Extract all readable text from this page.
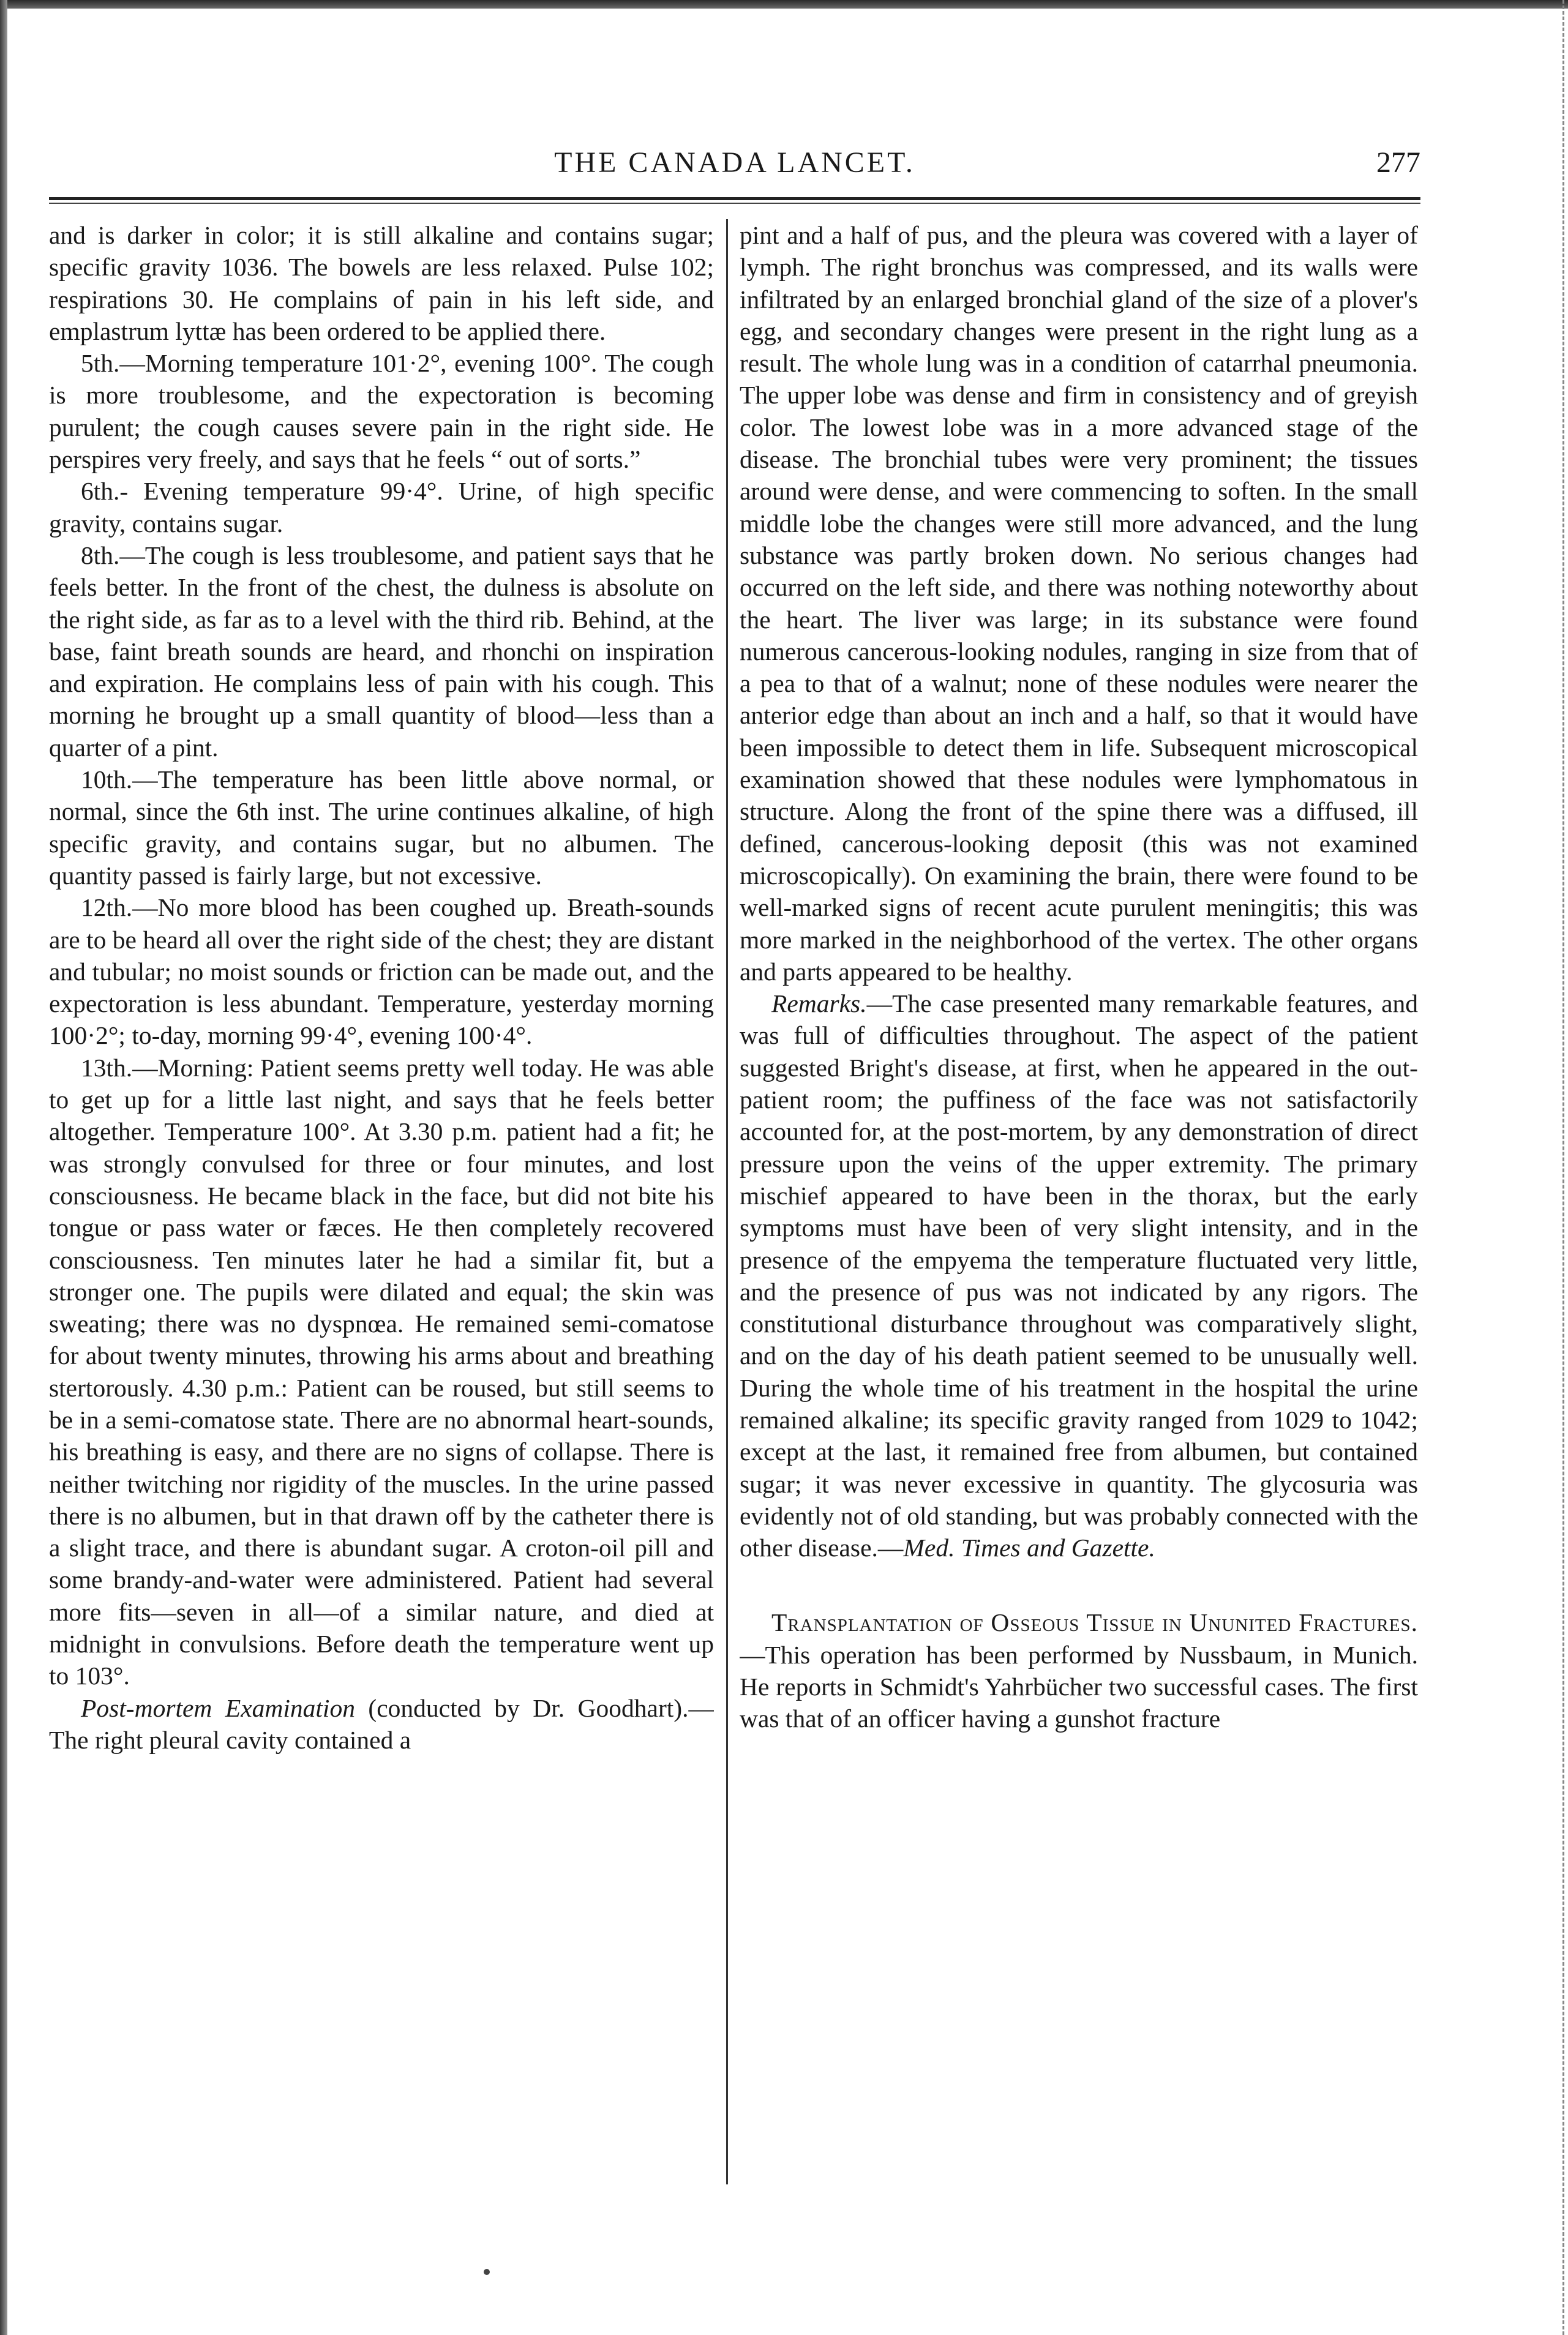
THE CANADA LANCET.	277

and is darker in color; it is still alkaline and contains sugar; specific gravity 1036. The bowels are less relaxed. Pulse 102; respirations 30. He complains of pain in his left side, and emplastrum lyttæ has been ordered to be applied there.

5th.—Morning temperature 101·2°, evening 100°. The cough is more troublesome, and the expectoration is becoming purulent; the cough causes severe pain in the right side. He perspires very freely, and says that he feels “ out of sorts.”

6th.- Evening temperature 99·4°. Urine, of high specific gravity, contains sugar.

8th.—The cough is less troublesome, and patient says that he feels better. In the front of the chest, the dulness is absolute on the right side, as far as to a level with the third rib. Behind, at the base, faint breath sounds are heard, and rhonchi on inspiration and expiration. He complains less of pain with his cough. This morning he brought up a small quantity of blood—less than a quarter of a pint.

10th.—The temperature has been little above normal, or normal, since the 6th inst. The urine continues alkaline, of high specific gravity, and contains sugar, but no albumen. The quantity passed is fairly large, but not excessive.

12th.—No more blood has been coughed up. Breath-sounds are to be heard all over the right side of the chest; they are distant and tubular; no moist sounds or friction can be made out, and the expectoration is less abundant. Temperature, yesterday morning 100·2°; to-day, morning 99·4°, evening 100·4°.

13th.—Morning: Patient seems pretty well today. He was able to get up for a little last night, and says that he feels better altogether. Temperature 100°. At 3.30 p.m. patient had a fit; he was strongly convulsed for three or four minutes, and lost consciousness. He became black in the face, but did not bite his tongue or pass water or fæces. He then completely recovered consciousness. Ten minutes later he had a similar fit, but a stronger one. The pupils were dilated and equal; the skin was sweating; there was no dyspnœa. He remained semi-comatose for about twenty minutes, throwing his arms about and breathing stertorously. 4.30 p.m.: Patient can be roused, but still seems to be in a semi-comatose state. There are no abnormal heart-sounds, his breathing is easy, and there are no signs of collapse. There is neither twitching nor rigidity of the muscles. In the urine passed there is no albumen, but in that drawn off by the catheter there is a slight trace, and there is abundant sugar. A croton-oil pill and some brandy-and-water were administered. Patient had several more fits—seven in all—of a similar nature, and died at midnight in convulsions. Before death the temperature went up to 103°.

Post-mortem Examination (conducted by Dr. Goodhart).—The right pleural cavity contained a

pint and a half of pus, and the pleura was covered with a layer of lymph. The right bronchus was compressed, and its walls were infiltrated by an enlarged bronchial gland of the size of a plover's egg, and secondary changes were present in the right lung as a result. The whole lung was in a condition of catarrhal pneumonia. The upper lobe was dense and firm in consistency and of greyish color. The lowest lobe was in a more advanced stage of the disease. The bronchial tubes were very prominent; the tissues around were dense, and were commencing to soften. In the small middle lobe the changes were still more advanced, and the lung substance was partly broken down. No serious changes had occurred on the left side, and there was nothing noteworthy about the heart. The liver was large; in its substance were found numerous cancerous-looking nodules, ranging in size from that of a pea to that of a walnut; none of these nodules were nearer the anterior edge than about an inch and a half, so that it would have been impossible to detect them in life. Subsequent microscopical examination showed that these nodules were lymphomatous in structure. Along the front of the spine there was a diffused, ill defined, cancerous-looking deposit (this was not examined microscopically). On examining the brain, there were found to be well-marked signs of recent acute purulent meningitis; this was more marked in the neighborhood of the vertex. The other organs and parts appeared to be healthy.

Remarks.—The case presented many remarkable features, and was full of difficulties throughout. The aspect of the patient suggested Bright's disease, at first, when he appeared in the out-patient room; the puffiness of the face was not satisfactorily accounted for, at the post-mortem, by any demonstration of direct pressure upon the veins of the upper extremity. The primary mischief appeared to have been in the thorax, but the early symptoms must have been of very slight intensity, and in the presence of the empyema the temperature fluctuated very little, and the presence of pus was not indicated by any rigors. The constitutional disturbance throughout was comparatively slight, and on the day of his death patient seemed to be unusually well. During the whole time of his treatment in the hospital the urine remained alkaline; its specific gravity ranged from 1029 to 1042; except at the last, it remained free from albumen, but contained sugar; it was never excessive in quantity. The glycosuria was evidently not of old standing, but was probably connected with the other disease.—Med. Times and Gazette.

Transplantation of Osseous Tissue in Ununited Fractures.—This operation has been performed by Nussbaum, in Munich. He reports in Schmidt's Yahrbücher two successful cases. The first was that of an officer having a gunshot fracture
